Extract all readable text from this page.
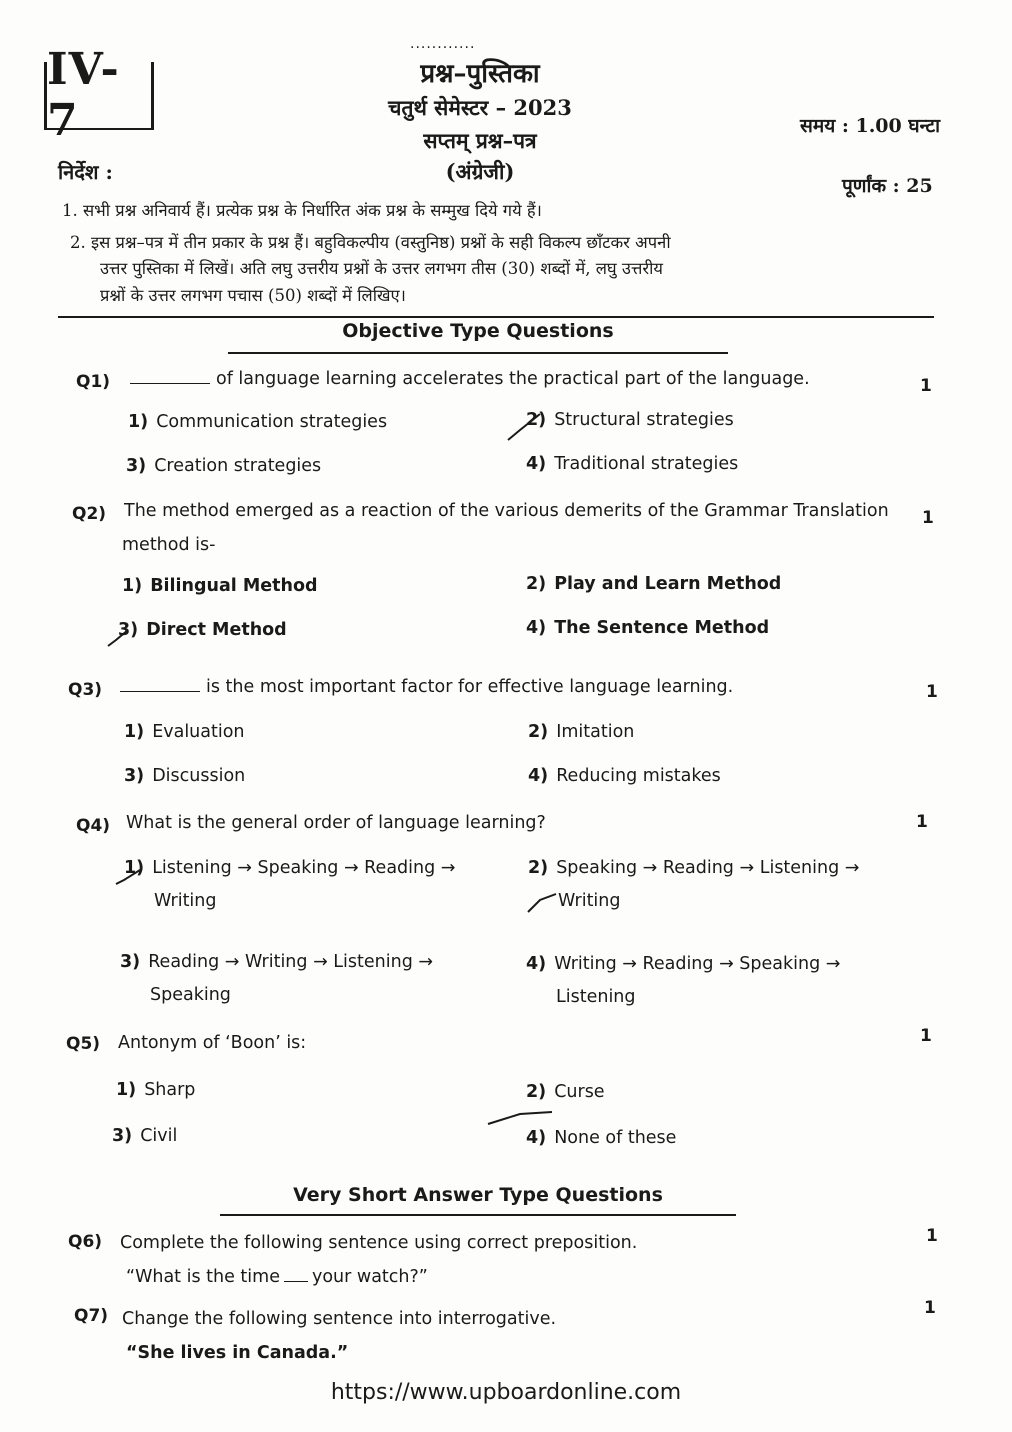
............
IV-7
प्रश्न–पुस्तिका
चतुर्थ सेमेस्टर – 2023
सप्तम् प्रश्न–पत्र
(अंग्रेजी)
समय : 1.00 घन्टा
पूर्णांक : 25
निर्देश :
1. सभी प्रश्न अनिवार्य हैं। प्रत्येक प्रश्न के निर्धारित अंक प्रश्न के सम्मुख दिये गये हैं।
2. इस प्रश्न–पत्र में तीन प्रकार के प्रश्न हैं। बहुविकल्पीय (वस्तुनिष्ठ) प्रश्नों के सही विकल्प छाँटकर अपनी
उत्तर पुस्तिका में लिखें। अति लघु उत्तरीय प्रश्नों के उत्तर लगभग तीस (30) शब्दों में, लघु उत्तरीय
प्रश्नों के उत्तर लगभग पचास (50) शब्दों में लिखिए।
Objective Type Questions
Q1)	of language learning accelerates the practical part of the language.	1
1) Communication strategies	2) Structural strategies
3) Creation strategies	4) Traditional strategies
Q2) The method emerged as a reaction of the various demerits of the Grammar Translation
method is-
1
1) Bilingual Method	2) Play and Learn Method
3) Direct Method	4) The Sentence Method
Q3)	is the most important factor for effective language learning.	1
1) Evaluation	2) Imitation
3) Discussion	4) Reducing mistakes
Q4) What is the general order of language learning?	1
1) Listening → Speaking → Reading →
Writing
2) Speaking → Reading → Listening →
Writing
3) Reading → Writing → Listening →
Speaking
4) Writing → Reading → Speaking →
Listening
Q5) Antonym of ‘Boon’ is:	1
1) Sharp	2) Curse
3) Civil	4) None of these
Very Short Answer Type Questions
Q6) Complete the following sentence using correct preposition.
“What is the time your watch?”
1
Q7) Change the following sentence into interrogative.
“She lives in Canada.”
1
https://www.upboardonline.com
